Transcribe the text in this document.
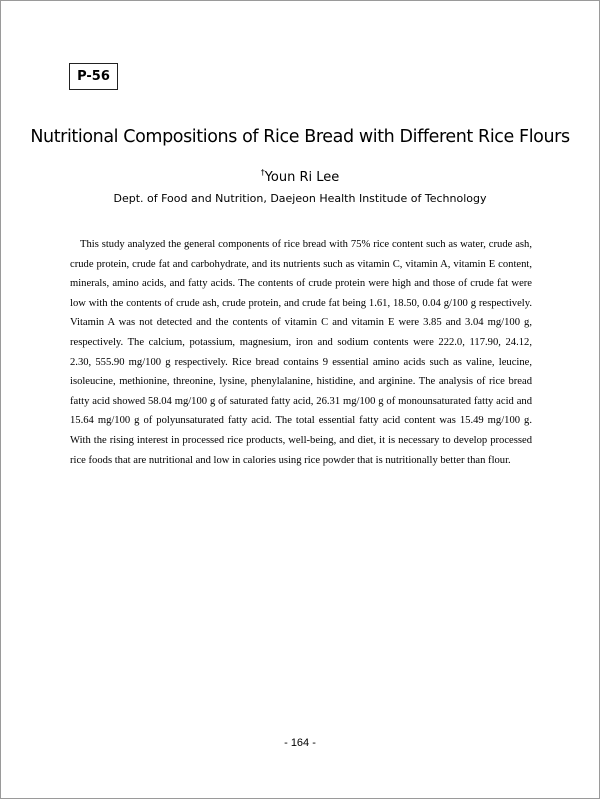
P-56
Nutritional Compositions of Rice Bread with Different Rice Flours
†Youn Ri Lee
Dept. of Food and Nutrition, Daejeon Health Institude of Technology

This study analyzed the general components of rice bread with 75% rice content such as water, crude ash, crude protein, crude fat and carbohydrate, and its nutrients such as vitamin C, vitamin A, vitamin E content, minerals, amino acids, and fatty acids. The contents of crude protein were high and those of crude fat were low with the contents of crude ash, crude protein, and crude fat being 1.61, 18.50, 0.04 g/100 g respectively. Vitamin A was not detected and the contents of vitamin C and vitamin E were 3.85 and 3.04 mg/100 g, respectively. The calcium, potassium, magnesium, iron and sodium contents were 222.0, 117.90, 24.12, 2.30, 555.90 mg/100 g respectively. Rice bread contains 9 essential amino acids such as valine, leucine, isoleucine, methionine, threonine, lysine, phenylalanine, histidine, and arginine. The analysis of rice bread fatty acid showed 58.04 mg/100 g of saturated fatty acid, 26.31 mg/100 g of monounsaturated fatty acid and 15.64 mg/100 g of polyunsaturated fatty acid. The total essential fatty acid content was 15.49 mg/100 g. With the rising interest in processed rice products, well-being, and diet, it is necessary to develop processed rice foods that are nutritional and low in calories using rice powder that is nutritionally better than flour.

- 164 -
